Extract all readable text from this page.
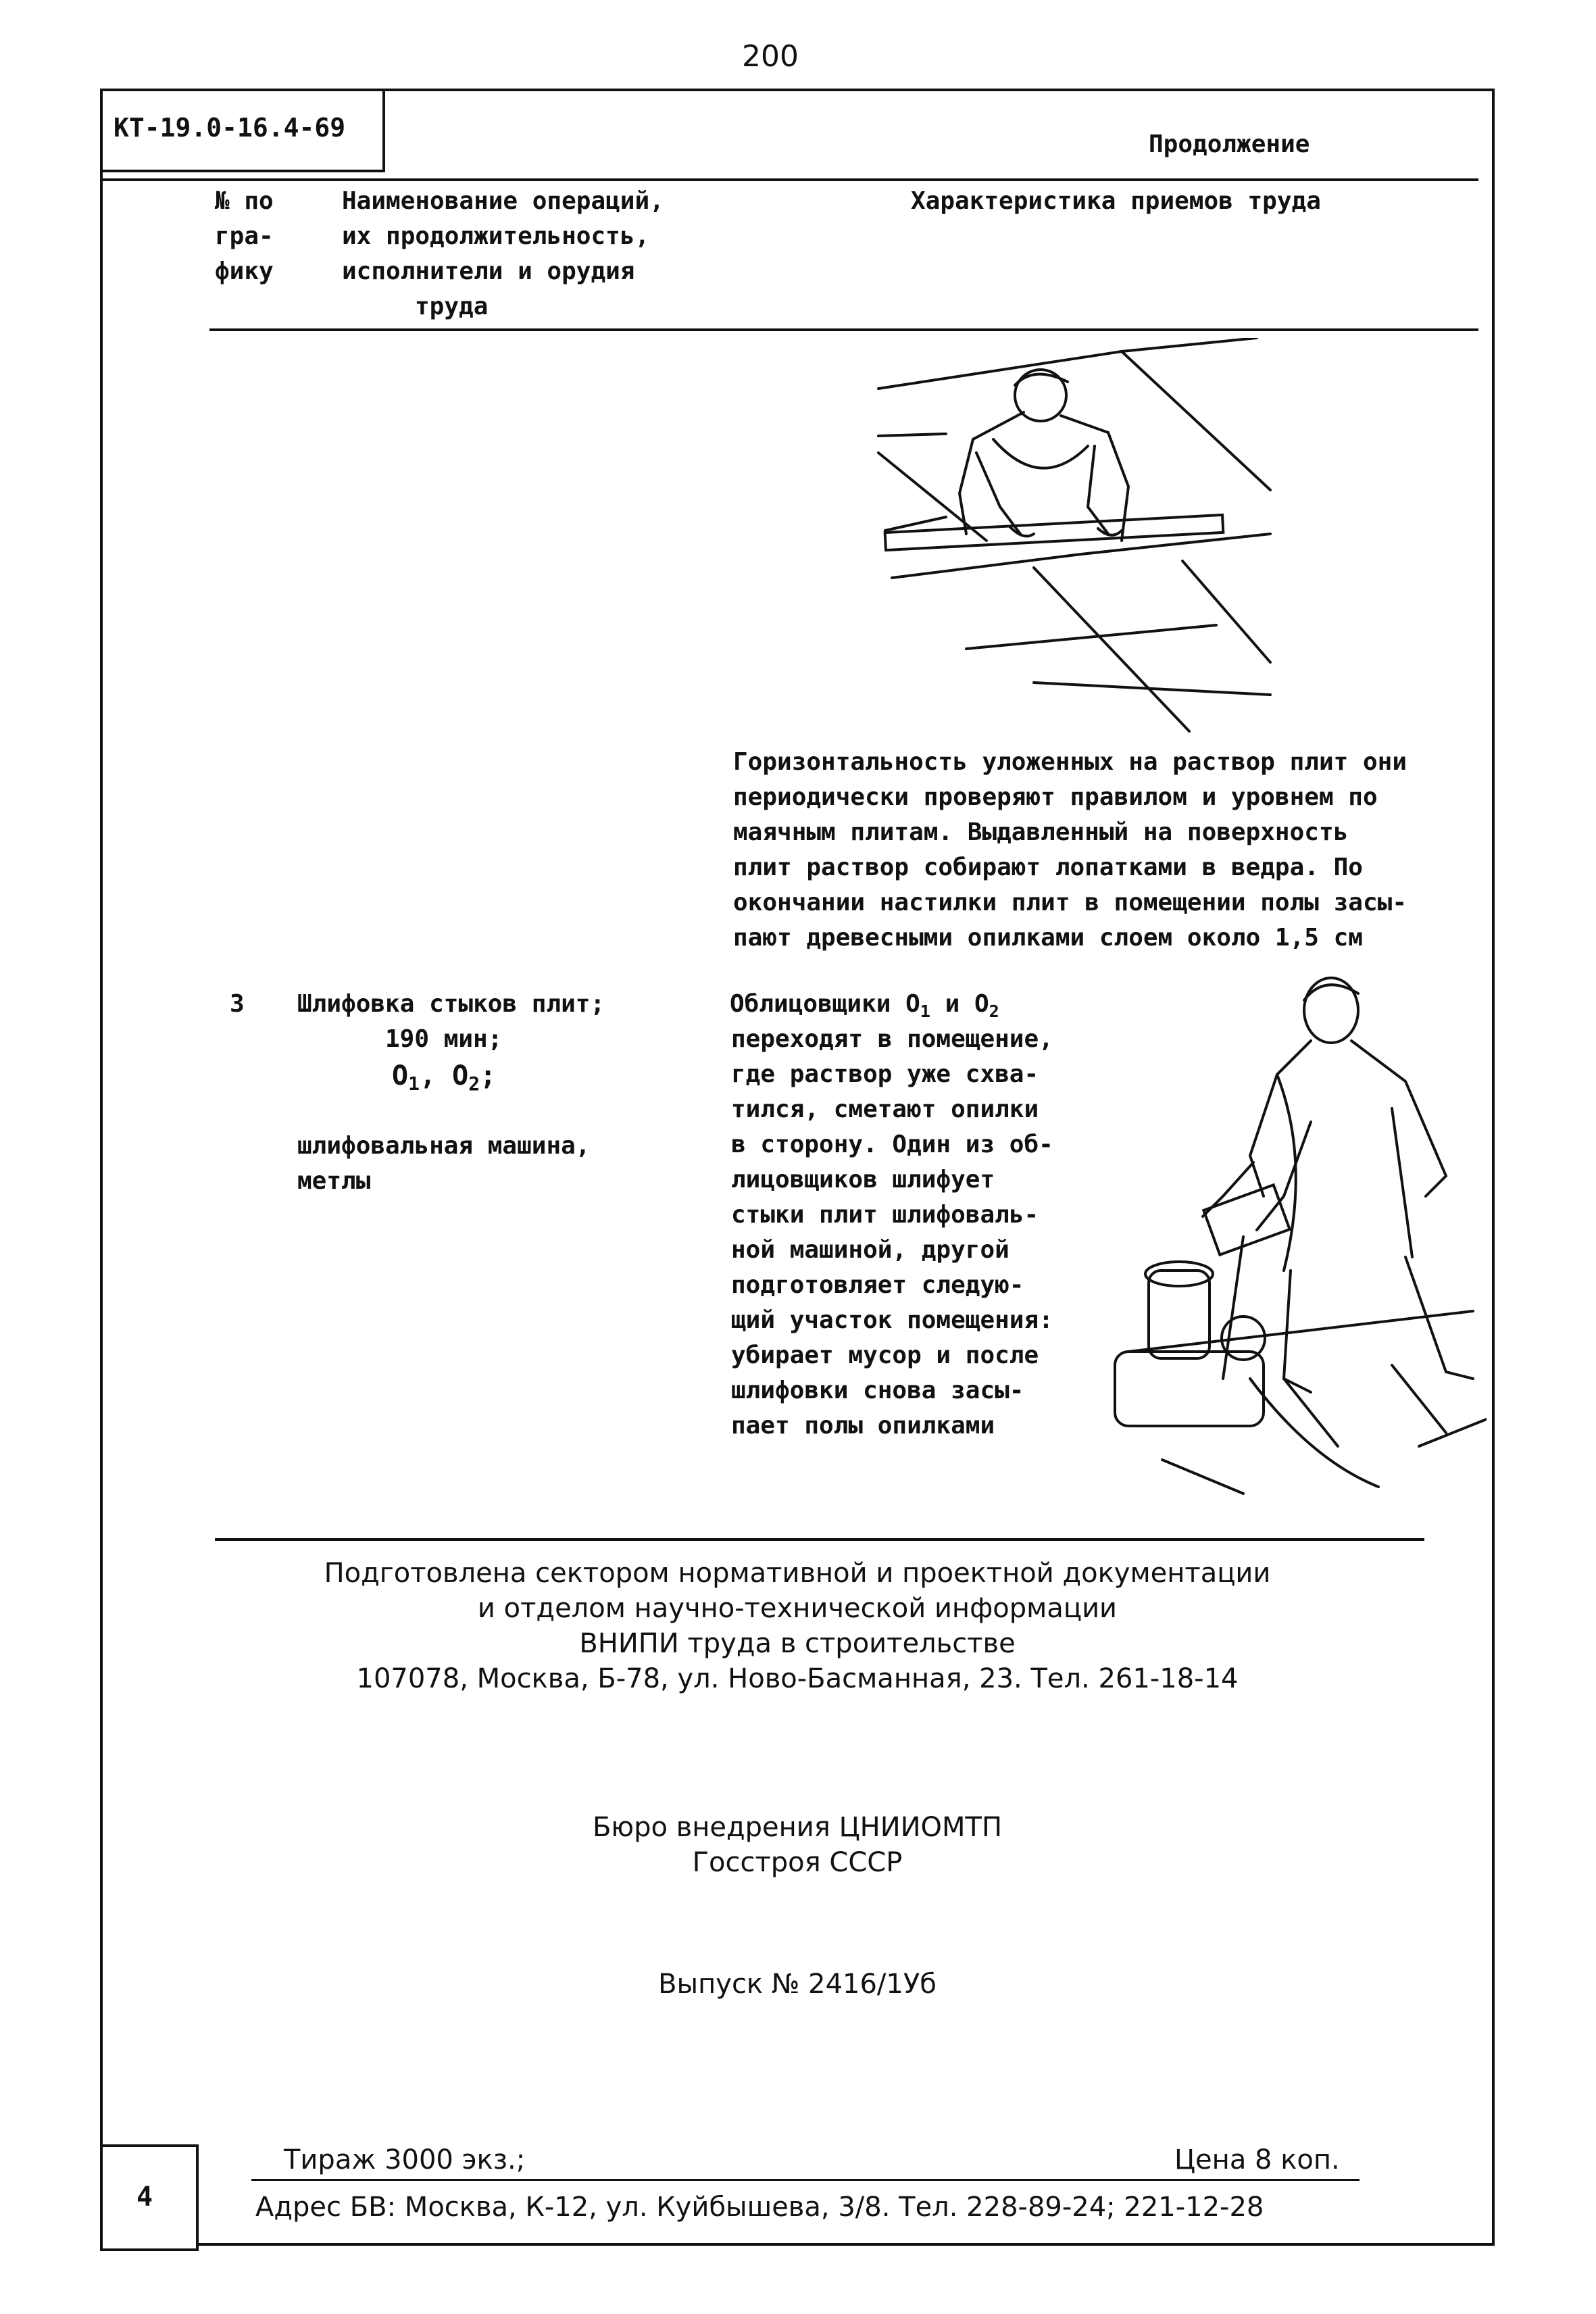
200
КТ-19.0-16.4-69
Продолжение
№ по
гра-
фику
Наименование операций,
их продолжительность,
исполнители и орудия
труда
Характеристика приемов труда
Горизонтальность уложенных на раствор плит они
периодически проверяют правилом и уровнем по
маячным плитам. Выдавленный на поверхность
плит раствор собирают лопатками в ведра. По
окончании настилки плит в помещении полы засы-
пают древесными опилками слоем около 1,5 см
3 Шлифовка стыков плит;
190 мин;
$O_1$, $O_2$;
шлифовальная машина,
метлы
Облицовщики $O_1$ и $O_2$
переходят в помещение,
где раствор уже схва-
тился, сметают опилки
в сторону. Один из об-
лицовщиков шлифует
стыки плит шлифоваль-
ной машиной, другой
подготовляет следую-
щий участок помещения:
убирает мусор и после
шлифовки снова засы-
пает полы опилками
Подготовлена сектором нормативной и проектной документации
и отделом научно-технической информации
ВНИПИ труда в строительстве
107078, Москва, Б-78, ул. Ново-Басманная, 23. Тел. 261-18-14
Бюро внедрения ЦНИИОМТП
Госстроя СССР
Выпуск № 2416/1Уб
Тираж 3000 экз.;	Цена 8 коп.
4	Адрес БВ: Москва, К-12, ул. Куйбышева, 3/8. Тел. 228-89-24; 221-12-28
